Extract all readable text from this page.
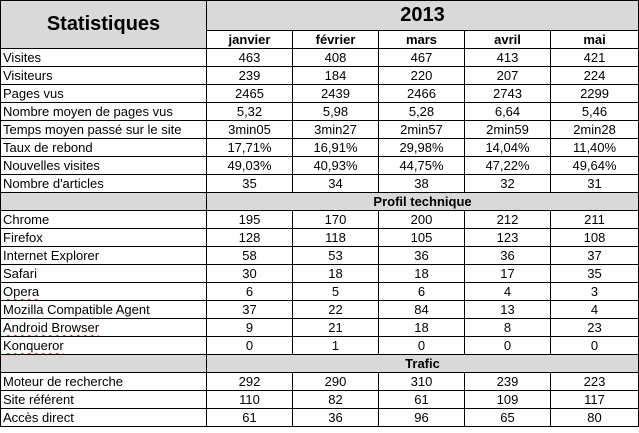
Statistiques	2013				
	janvier	février	mars	avril	mai
Visites	463	408	467	413	421
Visiteurs	239	184	220	207	224
Pages vus	2465	2439	2466	2743	2299
Nombre moyen de pages vus	5,32	5,98	5,28	6,64	5,46
Temps moyen passé sur le site	3min05	3min27	2min57	2min59	2min28
Taux de rebond	17,71%	16,91%	29,98%	14,04%	11,40%
Nouvelles visites	49,03%	40,93%	44,75%	47,22%	49,64%
Nombre d'articles	35	34	38	32	31
	Profil technique				
Chrome	195	170	200	212	211
Firefox	128	118	105	123	108
Internet Explorer	58	53	36	36	37
Safari	30	18	18	17	35
Opera	6	5	6	4	3
Mozilla Compatible Agent	37	22	84	13	4
Android Browser	9	21	18	8	23
Konqueror	0	1	0	0	0
	Trafic				
Moteur de recherche	292	290	310	239	223
Site référent	110	82	61	109	117
Accès direct	61	36	96	65	80
